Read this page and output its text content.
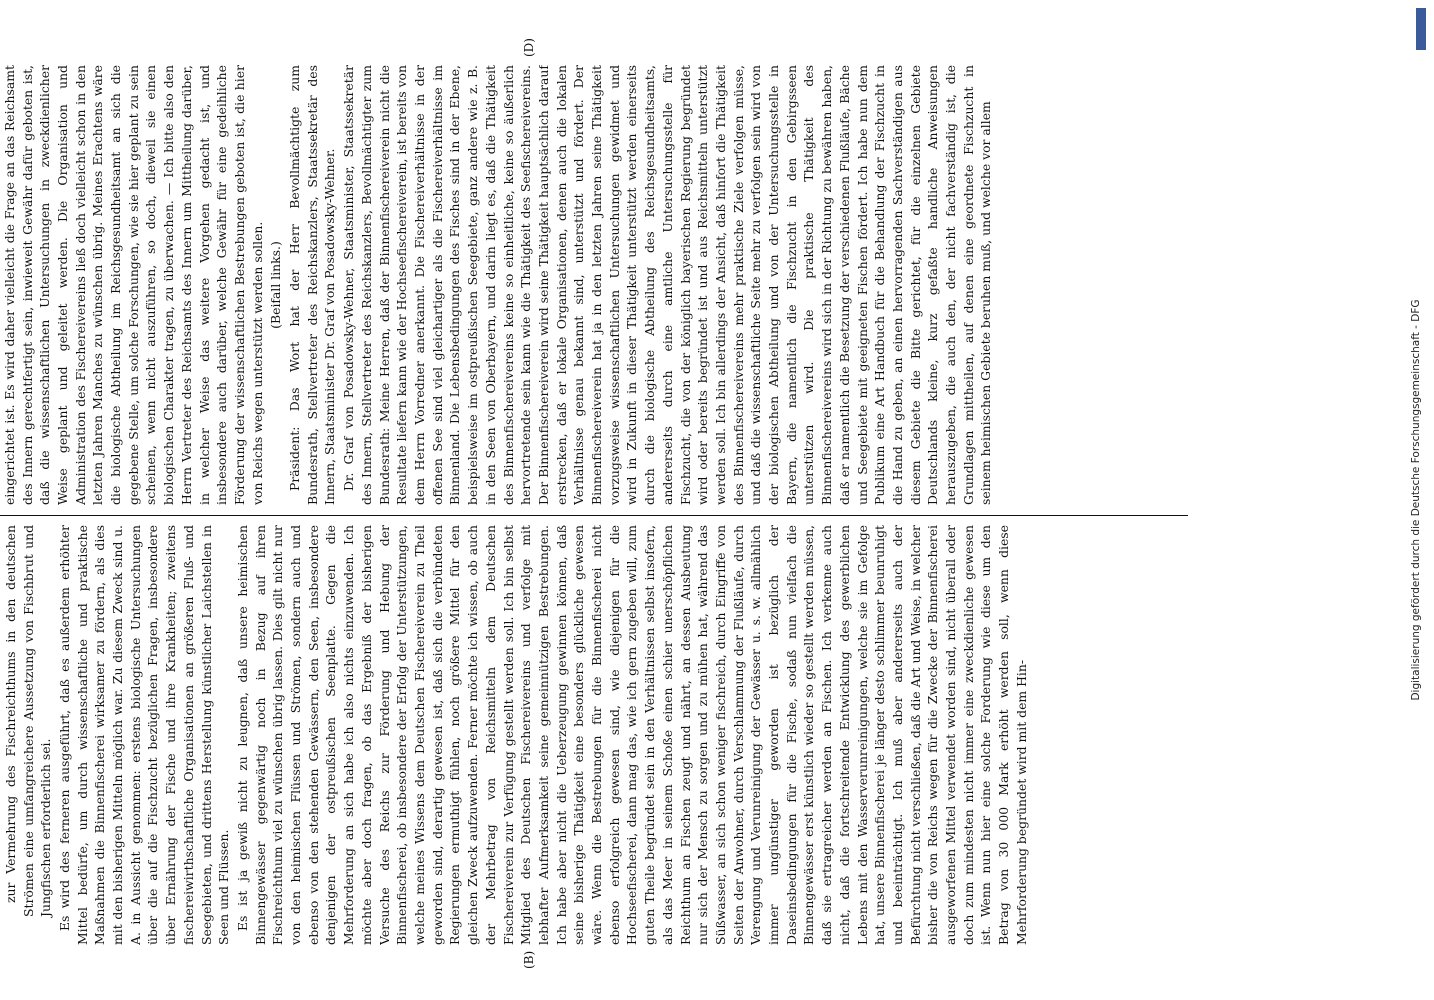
(B)
(D)

zur Vermehrung des Fischreichthums in den deutschen Strömen eine umfangreichere Aussetzung von Fischbrut und Jungfischen erforderlich sei. Es wird des ferneren ausgeführt, daß es außerdem erhöhter Mittel bedürfe, um durch wissenschaftliche und praktische Maßnahmen die Binnenfischerei wirksamer zu fördern, als dies mit den bisherigen Mitteln möglich war. Zu diesem Zweck sind u. A. in Aussicht genommen: erstens biologische Untersuchungen über die auf die Fischzucht bezüglichen Fragen, insbesondere über Ernährung der Fische und ihre Krankheiten; zweitens fischereiwirthschaftliche Organisationen an größeren Fluß- und Seegebieten, und drittens Herstellung künstlicher Laichstellen in Seen und Flüssen. Es ist ja gewiß nicht zu leugnen, daß unsere heimischen Binnengewässer gegenwärtig noch in Bezug auf ihren Fischreichthum viel zu wünschen übrig lassen. Dies gilt nicht nur von den heimischen Flüssen und Strömen, sondern auch und ebenso von den stehenden Gewässern, den Seen, insbesondere denjenigen der ostpreußischen Seenplatte. Gegen die Mehrforderung an sich habe ich also nichts einzuwenden. Ich möchte aber doch fragen, ob das Ergebniß der bisherigen Versuche des Reichs zur Förderung und Hebung der Binnenfischerei, ob insbesondere der Erfolg der Unterstützungen, welche meines Wissens dem Deutschen Fischereiverein zu Theil geworden sind, derartig gewesen ist, daß sich die verbündeten Regierungen ermuthigt fühlen, noch größere Mittel für den gleichen Zweck aufzuwenden. Ferner möchte ich wissen, ob auch der Mehrbetrag von Reichsmitteln dem Deutschen Fischereiverein zur Verfügung gestellt werden soll. Ich bin selbst Mitglied des Deutschen Fischereivereins und verfolge mit lebhafter Aufmerksamkeit seine gemeinnützigen Bestrebungen. Ich habe aber nicht die Ueberzeugung gewinnen können, daß seine bisherige Thätigkeit eine besonders glückliche gewesen wäre. Wenn die Bestrebungen für die Binnenfischerei nicht ebenso erfolgreich gewesen sind, wie diejenigen für die Hochseefischerei, dann mag das, wie ich gern zugeben will, zum guten Theile begründet sein in den Verhältnissen selbst insofern, als das Meer in seinem Schoße einen schier unerschöpflichen Reichthum an Fischen zeugt und nährt, an dessen Ausbeutung nur sich der Mensch zu sorgen und zu mühen hat, während das Süßwasser, an sich schon weniger fischreich, durch Eingriffe von Seiten der Anwohner, durch Verschlammung der Flußläufe, durch Verengung und Verunreinigung der Gewässer u. s. w. allmählich immer ungünstiger geworden ist bezüglich der Daseinsbedingungen für die Fische, sodaß nun vielfach die Binnengewässer erst künstlich wieder so gestellt werden müssen, daß sie ertragreicher werden an Fischen. Ich verkenne auch nicht, daß die fortschreitende Entwicklung des gewerblichen Lebens mit den Wasserverunreinigungen, welche sie im Gefolge hat, unsere Binnenfischerei je länger desto schlimmer beunruhigt und beeinträchtigt. Ich muß aber andererseits auch der Befürchtung nicht verschließen, daß die Art und Weise, in welcher bisher die von Reichs wegen für die Zwecke der Binnenfischerei ausgeworfenen Mittel verwendet worden sind, nicht überall oder doch zum mindesten nicht immer eine zweckdienliche gewesen ist. Wenn nun hier eine solche Forderung wie diese um den Betrag von 30 000 Mark erhöht werden soll, wenn diese Mehrforderung begründet wird mit dem Hin-

eingerichtet ist. Es wird daher vielleicht die Frage an das Reichsamt des Innern gerechtfertigt sein, inwieweit Gewähr dafür geboten ist, daß die wissenschaftlichen Untersuchungen in zweckdienlicher Weise geplant und geleitet werden. Die Organisation und Administration des Fischereivereins ließ doch vielleicht schon in den letzten Jahren Manches zu wünschen übrig. Meines Erachtens wäre die biologische Abtheilung im Reichsgesundheitsamt an sich die gegebene Stelle, um solche Forschungen, wie sie hier geplant zu sein scheinen, wenn nicht auszuführen, so doch, dieweil sie einen biologischen Charakter tragen, zu überwachen. — Ich bitte also den Herrn Vertreter des Reichsamts des Innern um Mittheilung darüber, in welcher Weise das weitere Vorgehen gedacht ist, und insbesondere auch darüber, welche Gewähr für eine gedeihliche Förderung der wissenschaftlichen Bestrebungen geboten ist, die hier von Reichs wegen unterstützt werden sollen. (Beifall links.) Präsident: Das Wort hat der Herr Bevollmächtigte zum Bundesrath, Stellvertreter des Reichskanzlers, Staatssekretär des Innern, Staatsminister Dr. Graf von Posadowsky-Wehner. Dr. Graf von Posadowsky-Wehner, Staatsminister, Staatssekretär des Innern, Stellvertreter des Reichskanzlers, Bevollmächtigter zum Bundesrath: Meine Herren, daß der Binnenfischereiverein nicht die Resultate liefern kann wie der Hochseefischereiverein, ist bereits von dem Herrn Vorredner anerkannt. Die Fischereiverhältnisse in der offenen See sind viel gleichartiger als die Fischereiverhältnisse im Binnenland. Die Lebensbedingungen des Fisches sind in der Ebene, beispielsweise im ostpreußischen Seegebiete, ganz andere wie z. B. in den Seen von Oberbayern, und darin liegt es, daß die Thätigkeit des Binnenfischereivereins keine so einheitliche, keine so äußerlich hervortretende sein kann wie die Thätigkeit des Seefischereivereins. Der Binnenfischereiverein wird seine Thätigkeit hauptsächlich darauf erstrecken, daß er lokale Organisationen, denen auch die lokalen Verhältnisse genau bekannt sind, unterstützt und fördert. Der Binnenfischereiverein hat ja in den letzten Jahren seine Thätigkeit vorzugsweise wissenschaftlichen Untersuchungen gewidmet und wird in Zukunft in dieser Thätigkeit unterstützt werden einerseits durch die biologische Abtheilung des Reichsgesundheitsamts, andererseits durch eine amtliche Untersuchungsstelle für Fischzucht, die von der königlich bayerischen Regierung begründet wird oder bereits begründet ist und aus Reichsmitteln unterstützt werden soll. Ich bin allerdings der Ansicht, daß hinfort die Thätigkeit des Binnenfischereivereins mehr praktische Ziele verfolgen müsse, und daß die wissenschaftliche Seite mehr zu verfolgen sein wird von der biologischen Abtheilung und von der Untersuchungsstelle in Bayern, die namentlich die Fischzucht in den Gebirgsseen unterstützen wird. Die praktische Thätigkeit des Binnenfischereivereins wird sich in der Richtung zu bewähren haben, daß er namentlich die Besetzung der verschiedenen Flußläufe, Bäche und Seegebiete mit geeigneten Fischen fördert. Ich habe nun dem Publikum eine Art Handbuch für die Behandlung der Fischzucht in die Hand zu geben, an einen hervorragenden Sachverständigen aus diesem Gebiete die Bitte gerichtet, für die einzelnen Gebiete Deutschlands kleine, kurz gefaßte handliche Anweisungen herauszugeben, die auch den, der nicht fachverständig ist, die Grundlagen mittheilen, auf denen eine geordnete Fischzucht in seinem heimischen Gebiete beruhen muß, und welche vor allem	Digitalisierung gefördert durch die Deutsche Forschungsgemeinschaft - DFG
